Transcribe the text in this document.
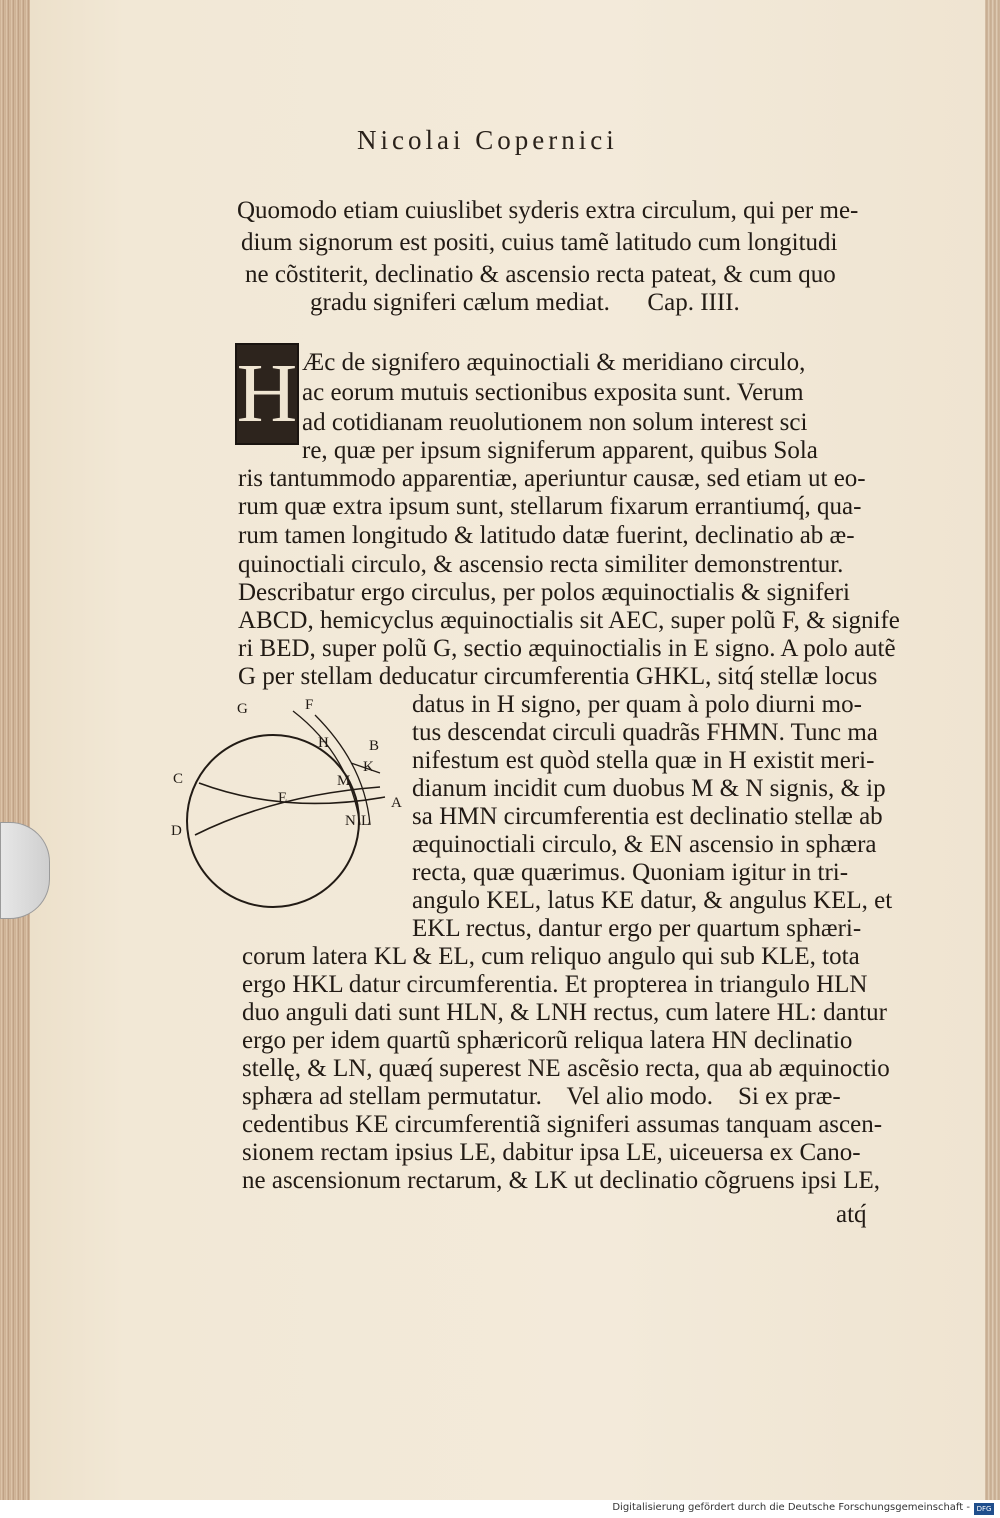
Nicolai Copernici
Quomodo etiam cuiuslibet syderis extra circulum, qui per me-
dium signorum est positi, cuius tamẽ latitudo cum longitudi
ne cõstiterit, declinatio & ascensio recta pateat, & cum quo
gradu signiferi cælum mediat.      Cap. IIII.
H Æc de signifero æquinoctiali & meridiano circulo,
ac eorum mutuis sectionibus exposita sunt. Verum
ad cotidianam reuolutionem non solum interest sci
re, quæ per ipsum signiferum apparent, quibus Sola
ris tantummodo apparentiæ, aperiuntur causæ, sed etiam ut eo-
rum quæ extra ipsum sunt, stellarum fixarum errantiumq́, qua-
rum tamen longitudo & latitudo datæ fuerint, declinatio ab æ-
quinoctiali circulo, & ascensio recta similiter demonstrentur.
Describatur ergo circulus, per polos æquinoctialis & signiferi
ABCD, hemicyclus æquinoctialis sit AEC, super polũ F, & signife
ri BED, super polũ G, sectio æquinoctialis in E signo. A polo autẽ
G per stellam deducatur circumferentia GHKL, sitq́ stellæ locus
datus in H signo, per quam à polo diurni mo-
tus descendat circuli quadrãs FHMN. Tunc ma
nifestum est quòd stella quæ in H existit meri-
dianum incidit cum duobus M & N signis, & ip
sa HMN circumferentia est declinatio stellæ ab
æquinoctiali circulo, & EN ascensio in sphæra
recta, quæ quærimus. Quoniam igitur in tri-
angulo KEL, latus KE datur, & angulus KEL, et
EKL rectus, dantur ergo per quartum sphæri-
corum latera KL & EL, cum reliquo angulo qui sub KLE, tota
ergo HKL datur circumferentia. Et propterea in triangulo HLN
duo anguli dati sunt HLN, & LNH rectus, cum latere HL: dantur
ergo per idem quartũ sphæricorũ reliqua latera HN declinatio
stellę, & LN, quæq́ superest NE ascẽsio recta, qua ab æquinoctio
sphæra ad stellam permutatur.    Vel alio modo.    Si ex præ-
cedentibus KE circumferentiã signiferi assumas tanquam ascen-
sionem rectam ipsius LE, dabitur ipsa LE, uiceuersa ex Cano-
ne ascensionum rectarum, & LK ut declinatio cõgruens ipsi LE,
atq́
G	F
H	B
K
M
C
E	A
N L
D
Digitalisierung gefördert durch die Deutsche Forschungsgemeinschaft - DFG
